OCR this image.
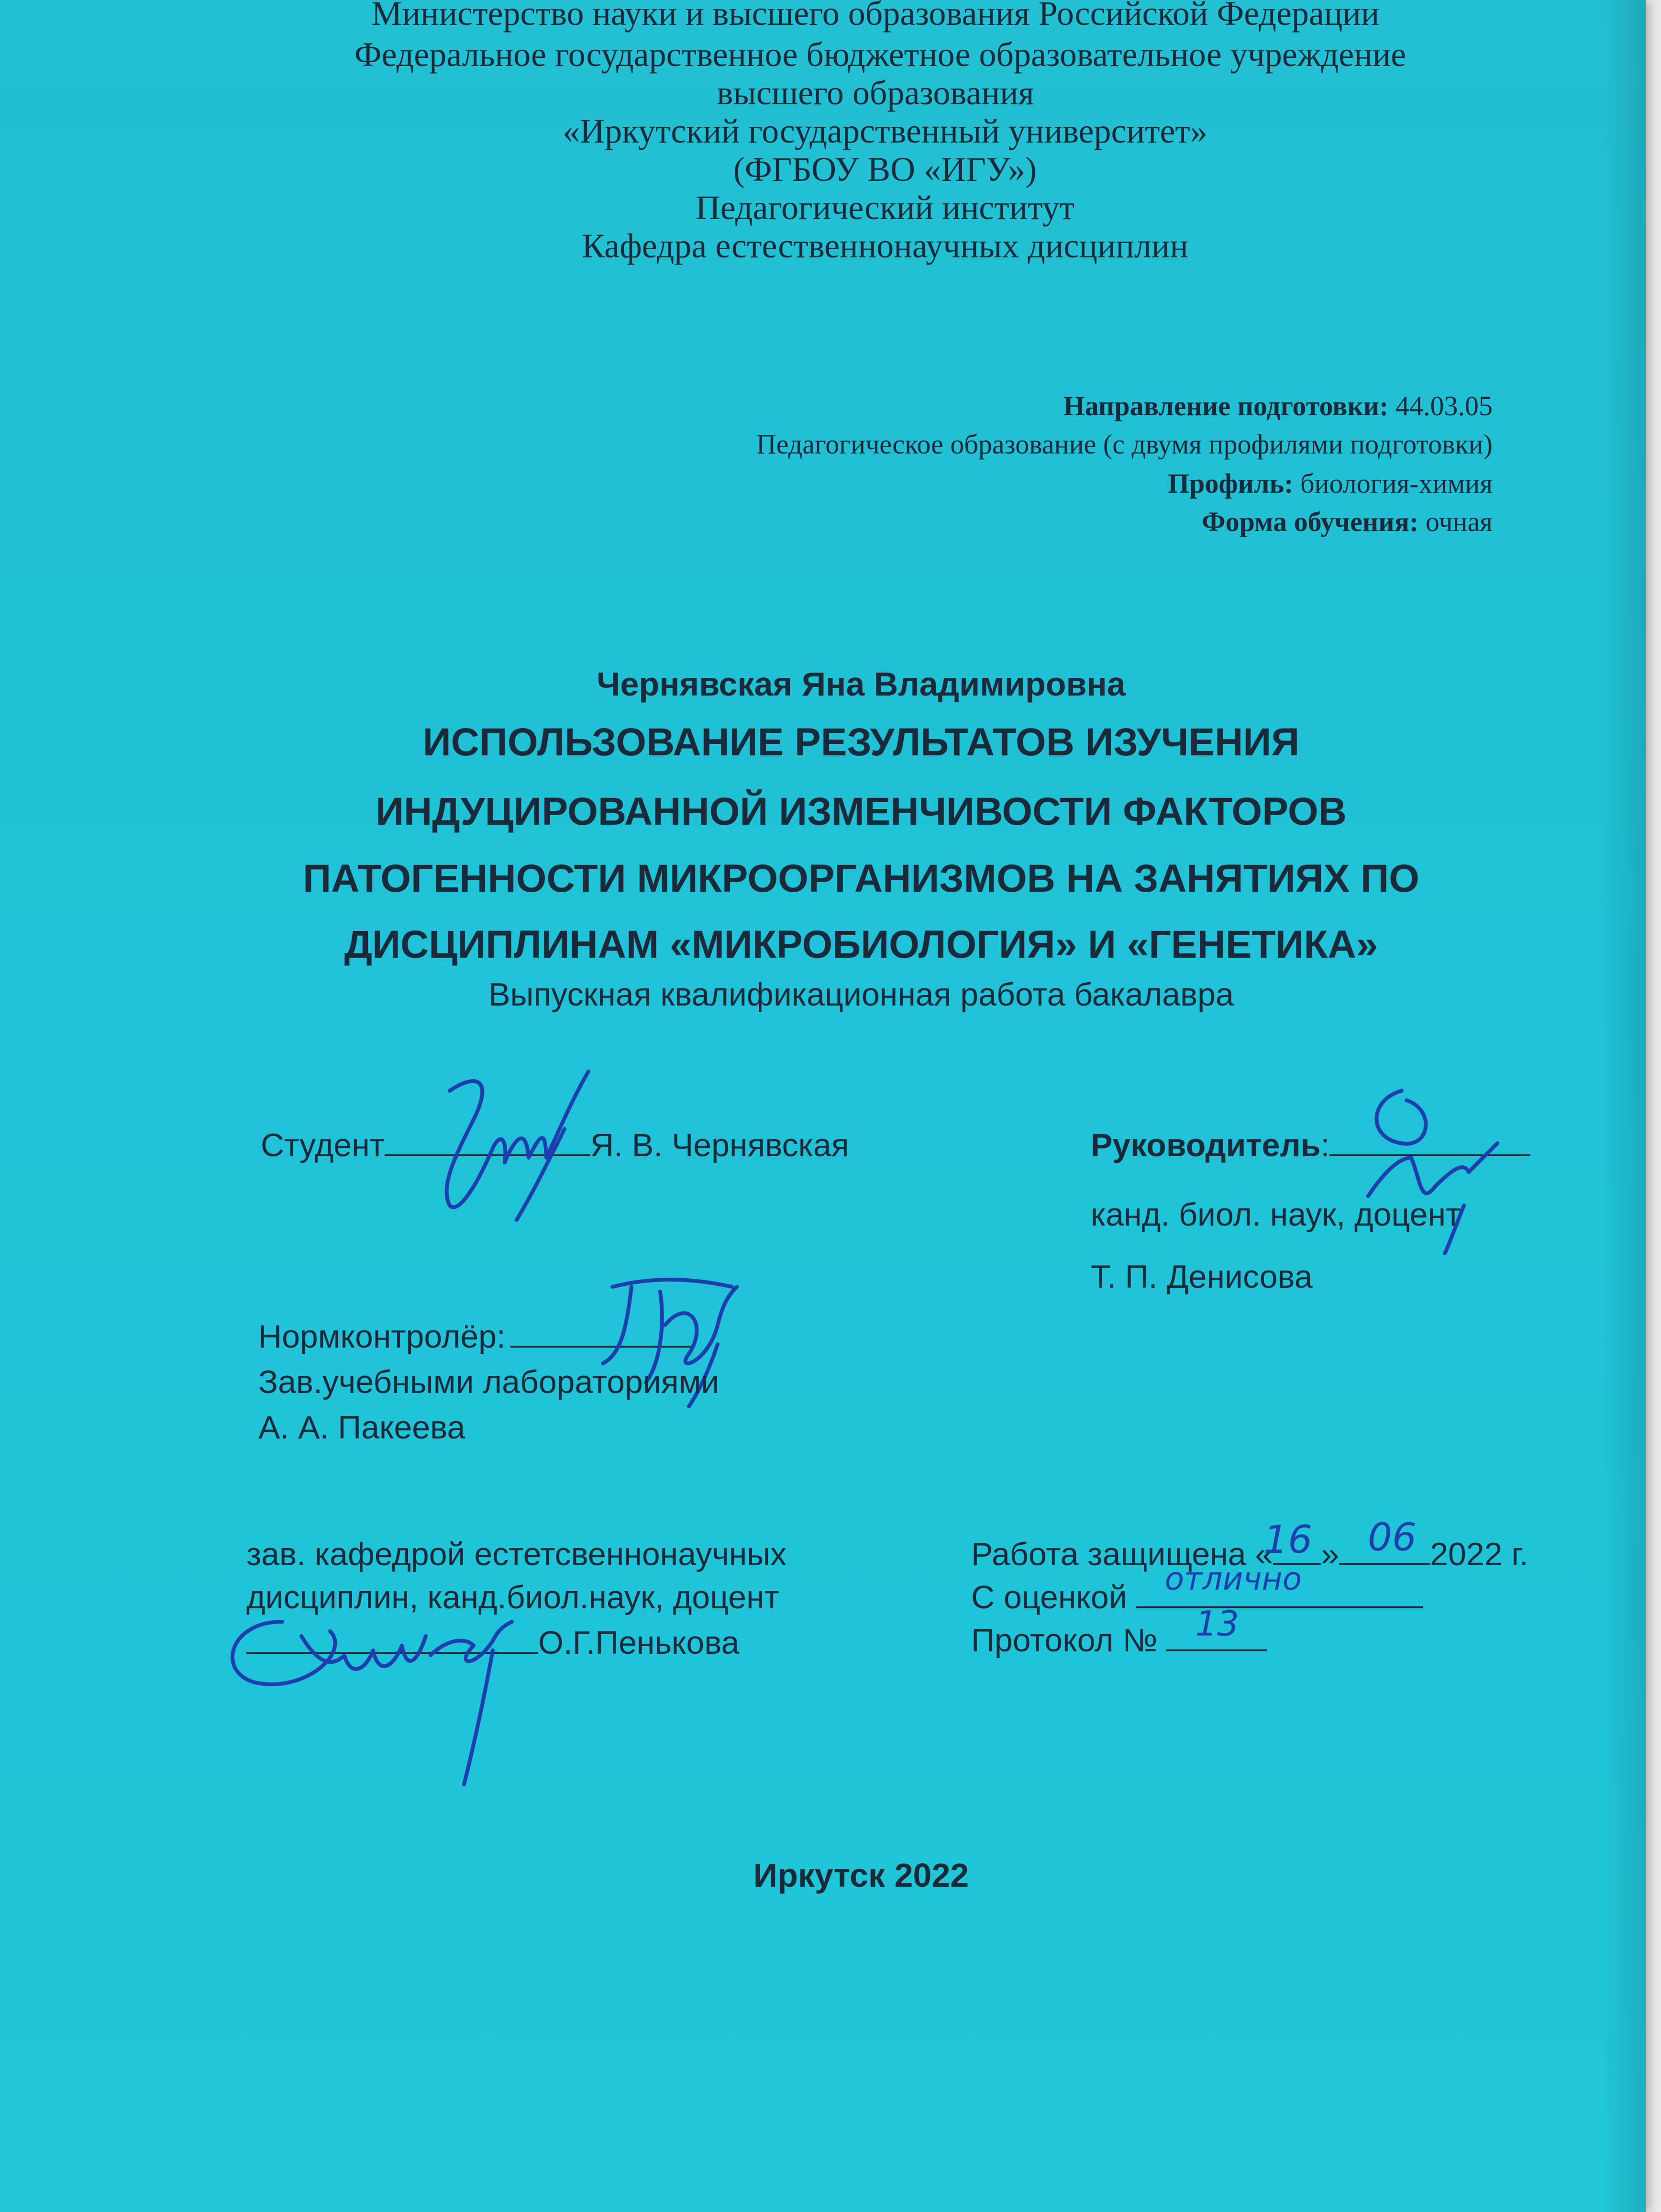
Министерство науки и высшего образования Российской Федерации
Федеральное государственное бюджетное образовательное учреждение
высшего образования
«Иркутский государственный университет»
(ФГБОУ ВО «ИГУ»)
Педагогический институт
Кафедра естественнонаучных дисциплин
Направление подготовки: 44.03.05
Педагогическое образование (с двумя профилями подготовки)
Профиль: биология-химия
Форма обучения: очная
Чернявская Яна Владимировна
ИСПОЛЬЗОВАНИЕ РЕЗУЛЬТАТОВ ИЗУЧЕНИЯ
ИНДУЦИРОВАННОЙ ИЗМЕНЧИВОСТИ ФАКТОРОВ
ПАТОГЕННОСТИ МИКРООРГАНИЗМОВ НА ЗАНЯТИЯХ ПО
ДИСЦИПЛИНАМ «МИКРОБИОЛОГИЯ» И «ГЕНЕТИКА»
Выпускная квалификационная работа бакалавра
Студент	Я. В. Чернявская	Руководитель:
канд. биол. наук, доцент
Т. П. Денисова
Нормконтролёр:
Зав.учебными лабораториями
А. А. Пакеева
зав. кафедрой естетсвеннонаучных
дисциплин, канд.биол.наук, доцент
О.Г.Пенькова
Работа защищена «
16 » 06 2022 г.
С оценкой отлично
Протокол № 13
Иркутск 2022
